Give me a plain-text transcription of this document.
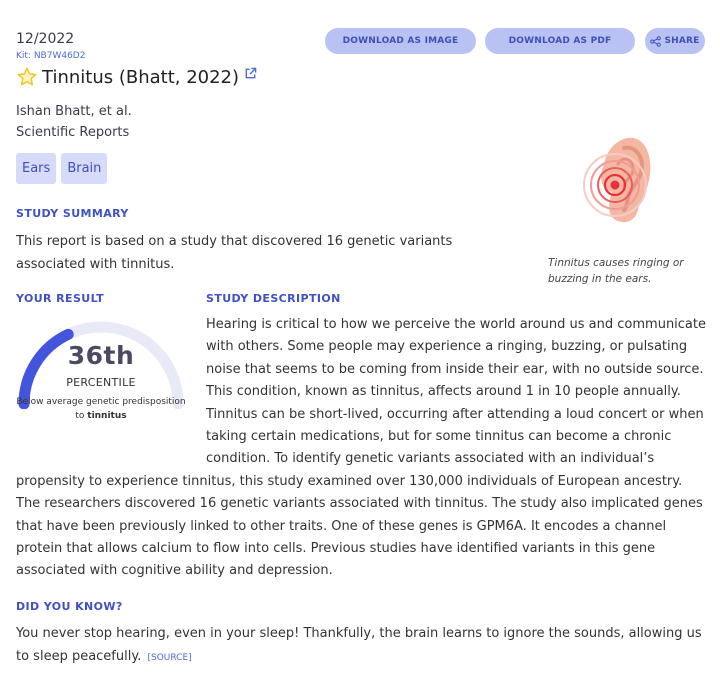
12/2022
Kit: NB7W46D2
Tinnitus (Bhatt, 2022)
DOWNLOAD AS IMAGE	DOWNLOAD AS PDF	SHARE
Ishan Bhatt, et al.
Scientific Reports
Ears	Brain
Tinnitus causes ringing or buzzing in the ears.
STUDY SUMMARY
This report is based on a study that discovered 16 genetic variants associated with tinnitus.
YOUR RESULT	STUDY DESCRIPTION
36th
PERCENTILE
Below average genetic predisposition to tinnitus
Hearing is critical to how we perceive the world around us and communicate with others. Some people may experience a ringing, buzzing, or pulsating noise that seems to be coming from inside their ear, with no outside source. This condition, known as tinnitus, affects around 1 in 10 people annually. Tinnitus can be short-lived, occurring after attending a loud concert or when taking certain medications, but for some tinnitus can become a chronic condition. To identify genetic variants associated with an individual’s propensity to experience tinnitus, this study examined over 130,000 individuals of European ancestry. The researchers discovered 16 genetic variants associated with tinnitus. The study also implicated genes that have been previously linked to other traits. One of these genes is GPM6A. It encodes a channel protein that allows calcium to flow into cells. Previous studies have identified variants in this gene associated with cognitive ability and depression.
DID YOU KNOW?
You never stop hearing, even in your sleep! Thankfully, the brain learns to ignore the sounds, allowing us to sleep peacefully. [SOURCE]
